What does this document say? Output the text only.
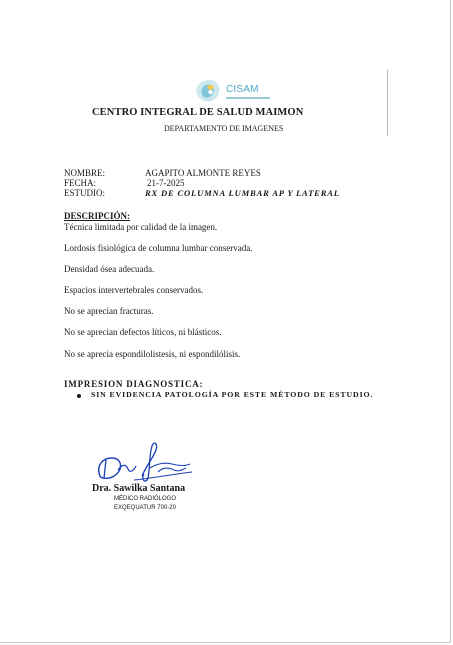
CISAM
CENTRO INTEGRAL DE SALUD MAIMON
DEPARTAMENTO DE IMAGENES
NOMBRE:	AGAPITO ALMONTE REYES
FECHA:	21-7-2025
ESTUDIO:	RX DE COLUMNA LUMBAR AP Y LATERAL
DESCRIPCIÓN:
Técnica limitada por calidad de la imagen.
Lordosis fisiológica de columna lumbar conservada.
Densidad ósea adecuada.
Espacios intervertebrales conservados.
No se aprecian fracturas.
No se aprecian defectos líticos, ni blásticos.
No se aprecia espondilolistesis, ni espondilólisis.
IMPRESION DIAGNOSTICA:
SIN EVIDENCIA PATOLOGÍA POR ESTE MÉTODO DE ESTUDIO.
Dra. Sawilka Santana
MÉDICO RADIÓLOGO
EXQEQUATUR 700-20
